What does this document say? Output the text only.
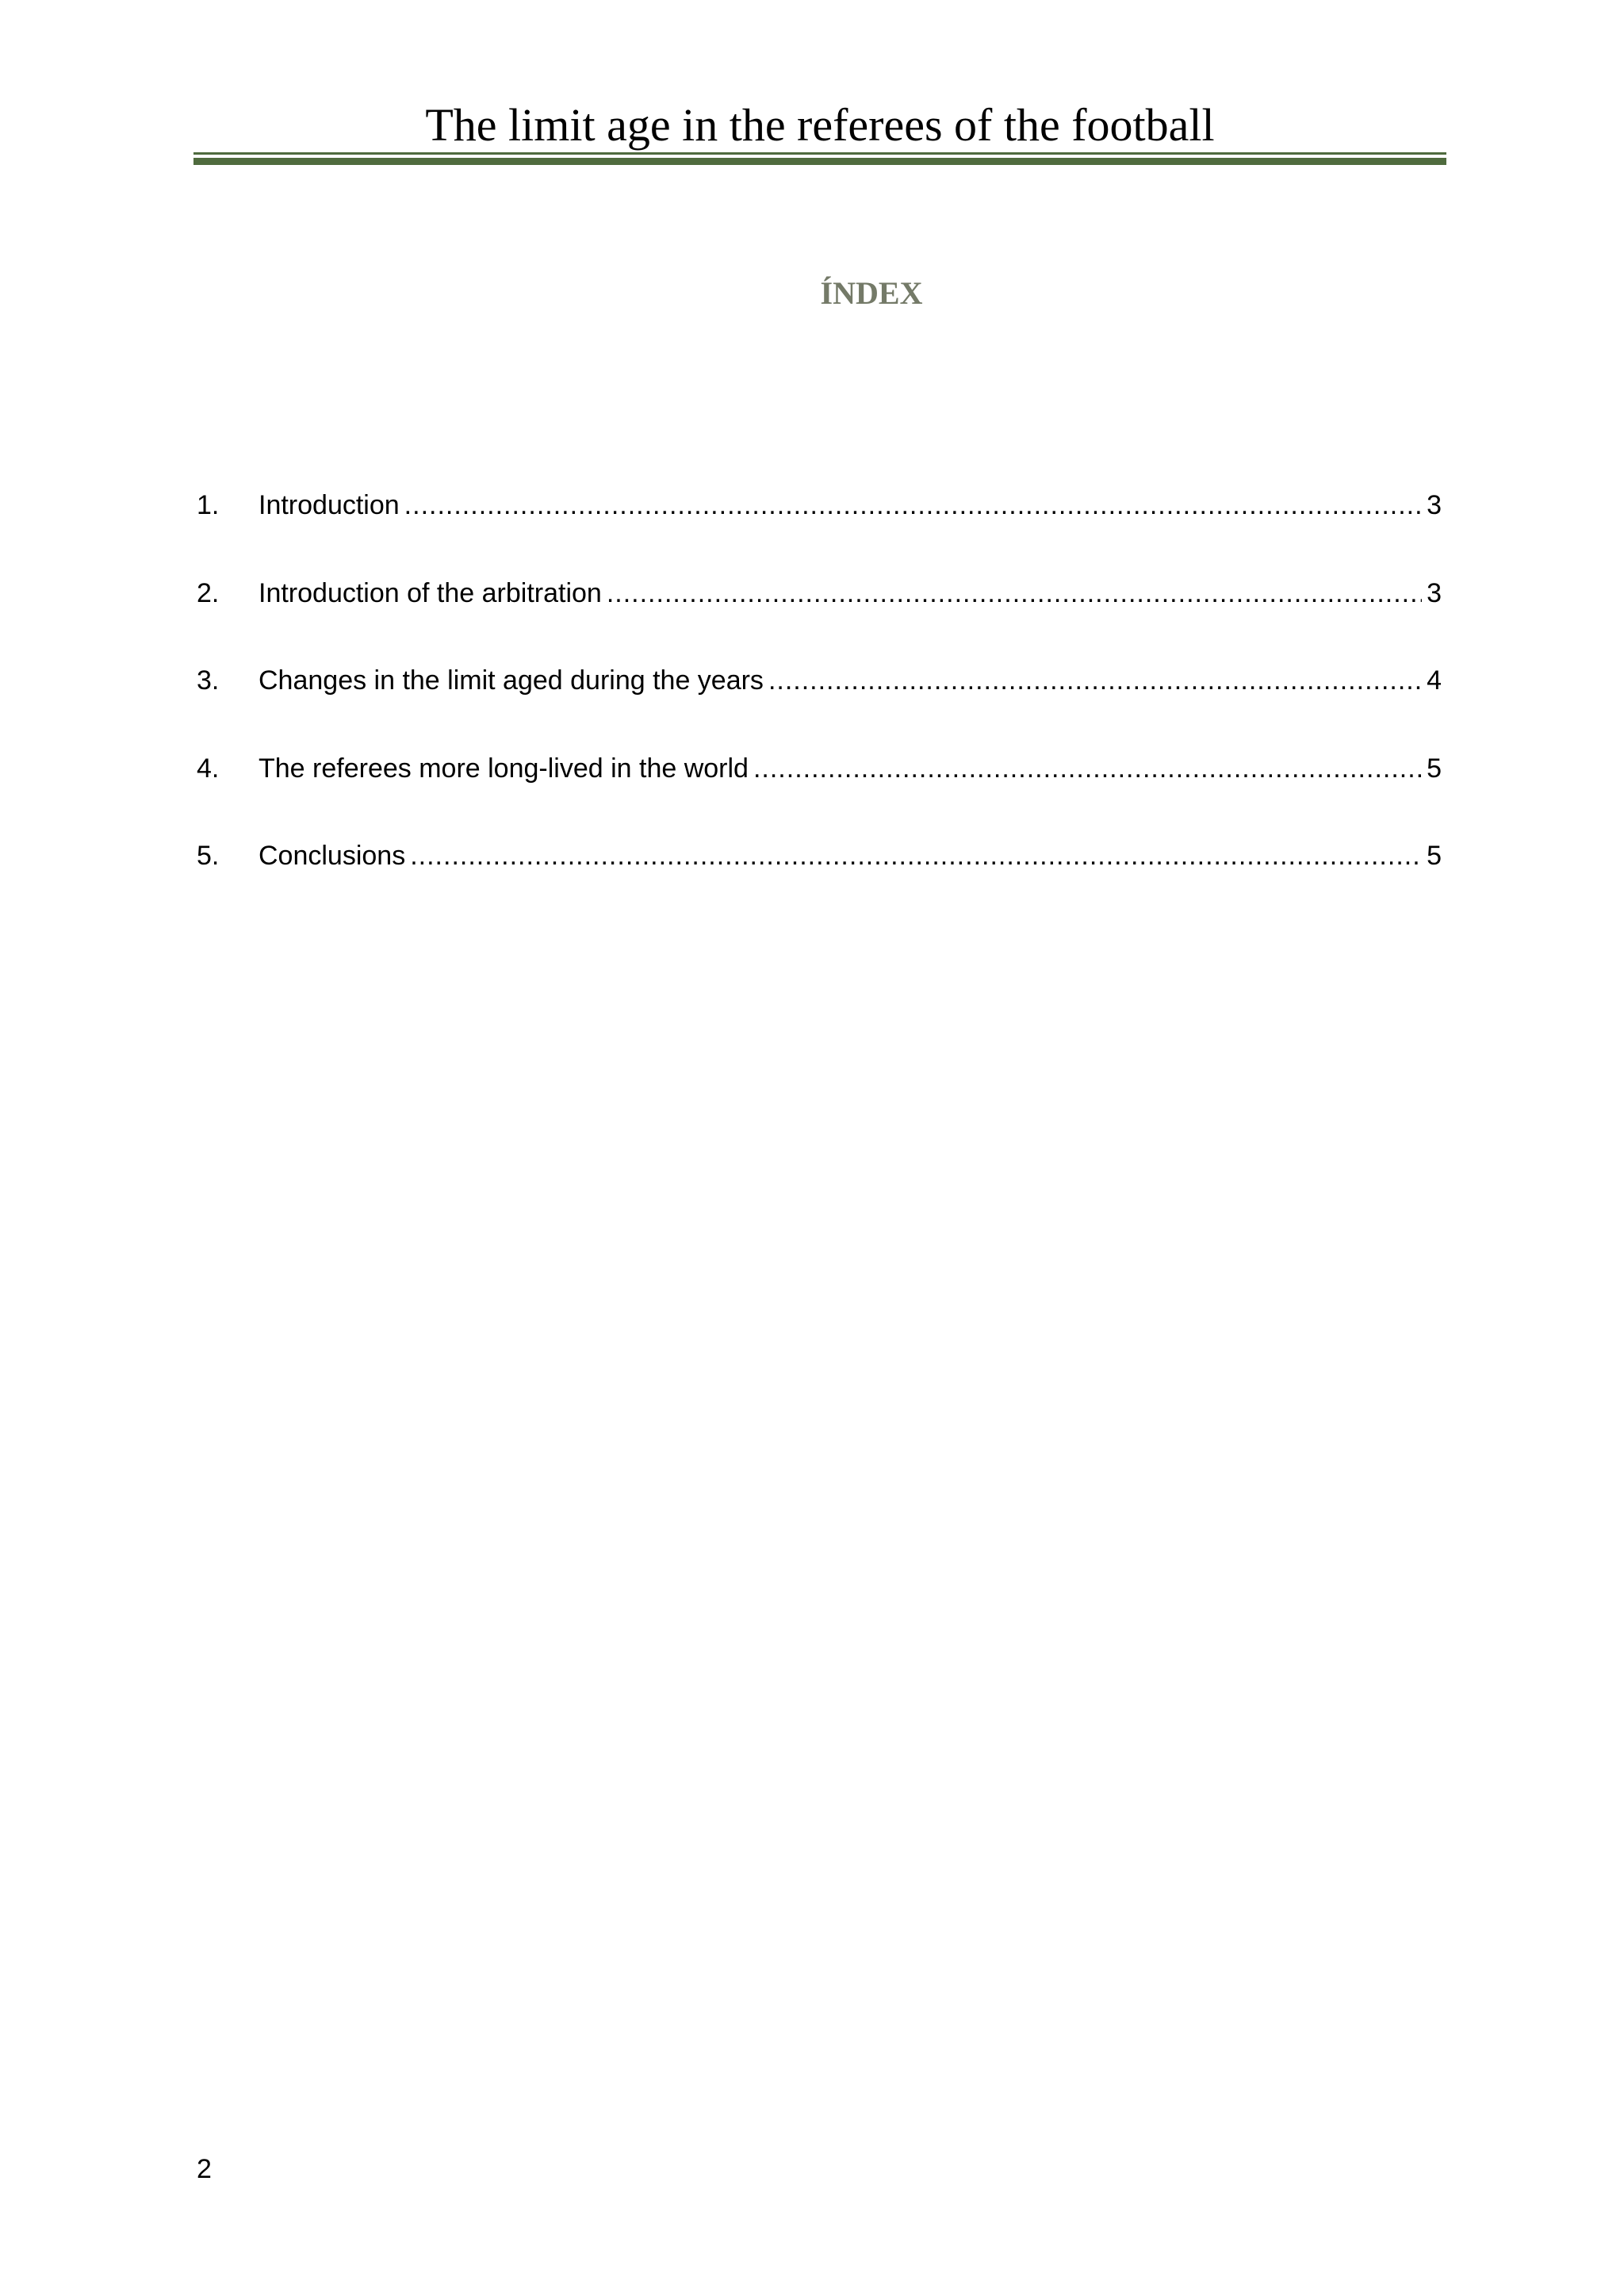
The limit age in the referees of the football
ÍNDEX
1.	Introduction .....	3
2.	Introduction of the arbitration .....	3
3.	Changes in the limit aged during the years .....	4
4.	The referees more long-lived in the world .....	5
5.	Conclusions .....	5
2
